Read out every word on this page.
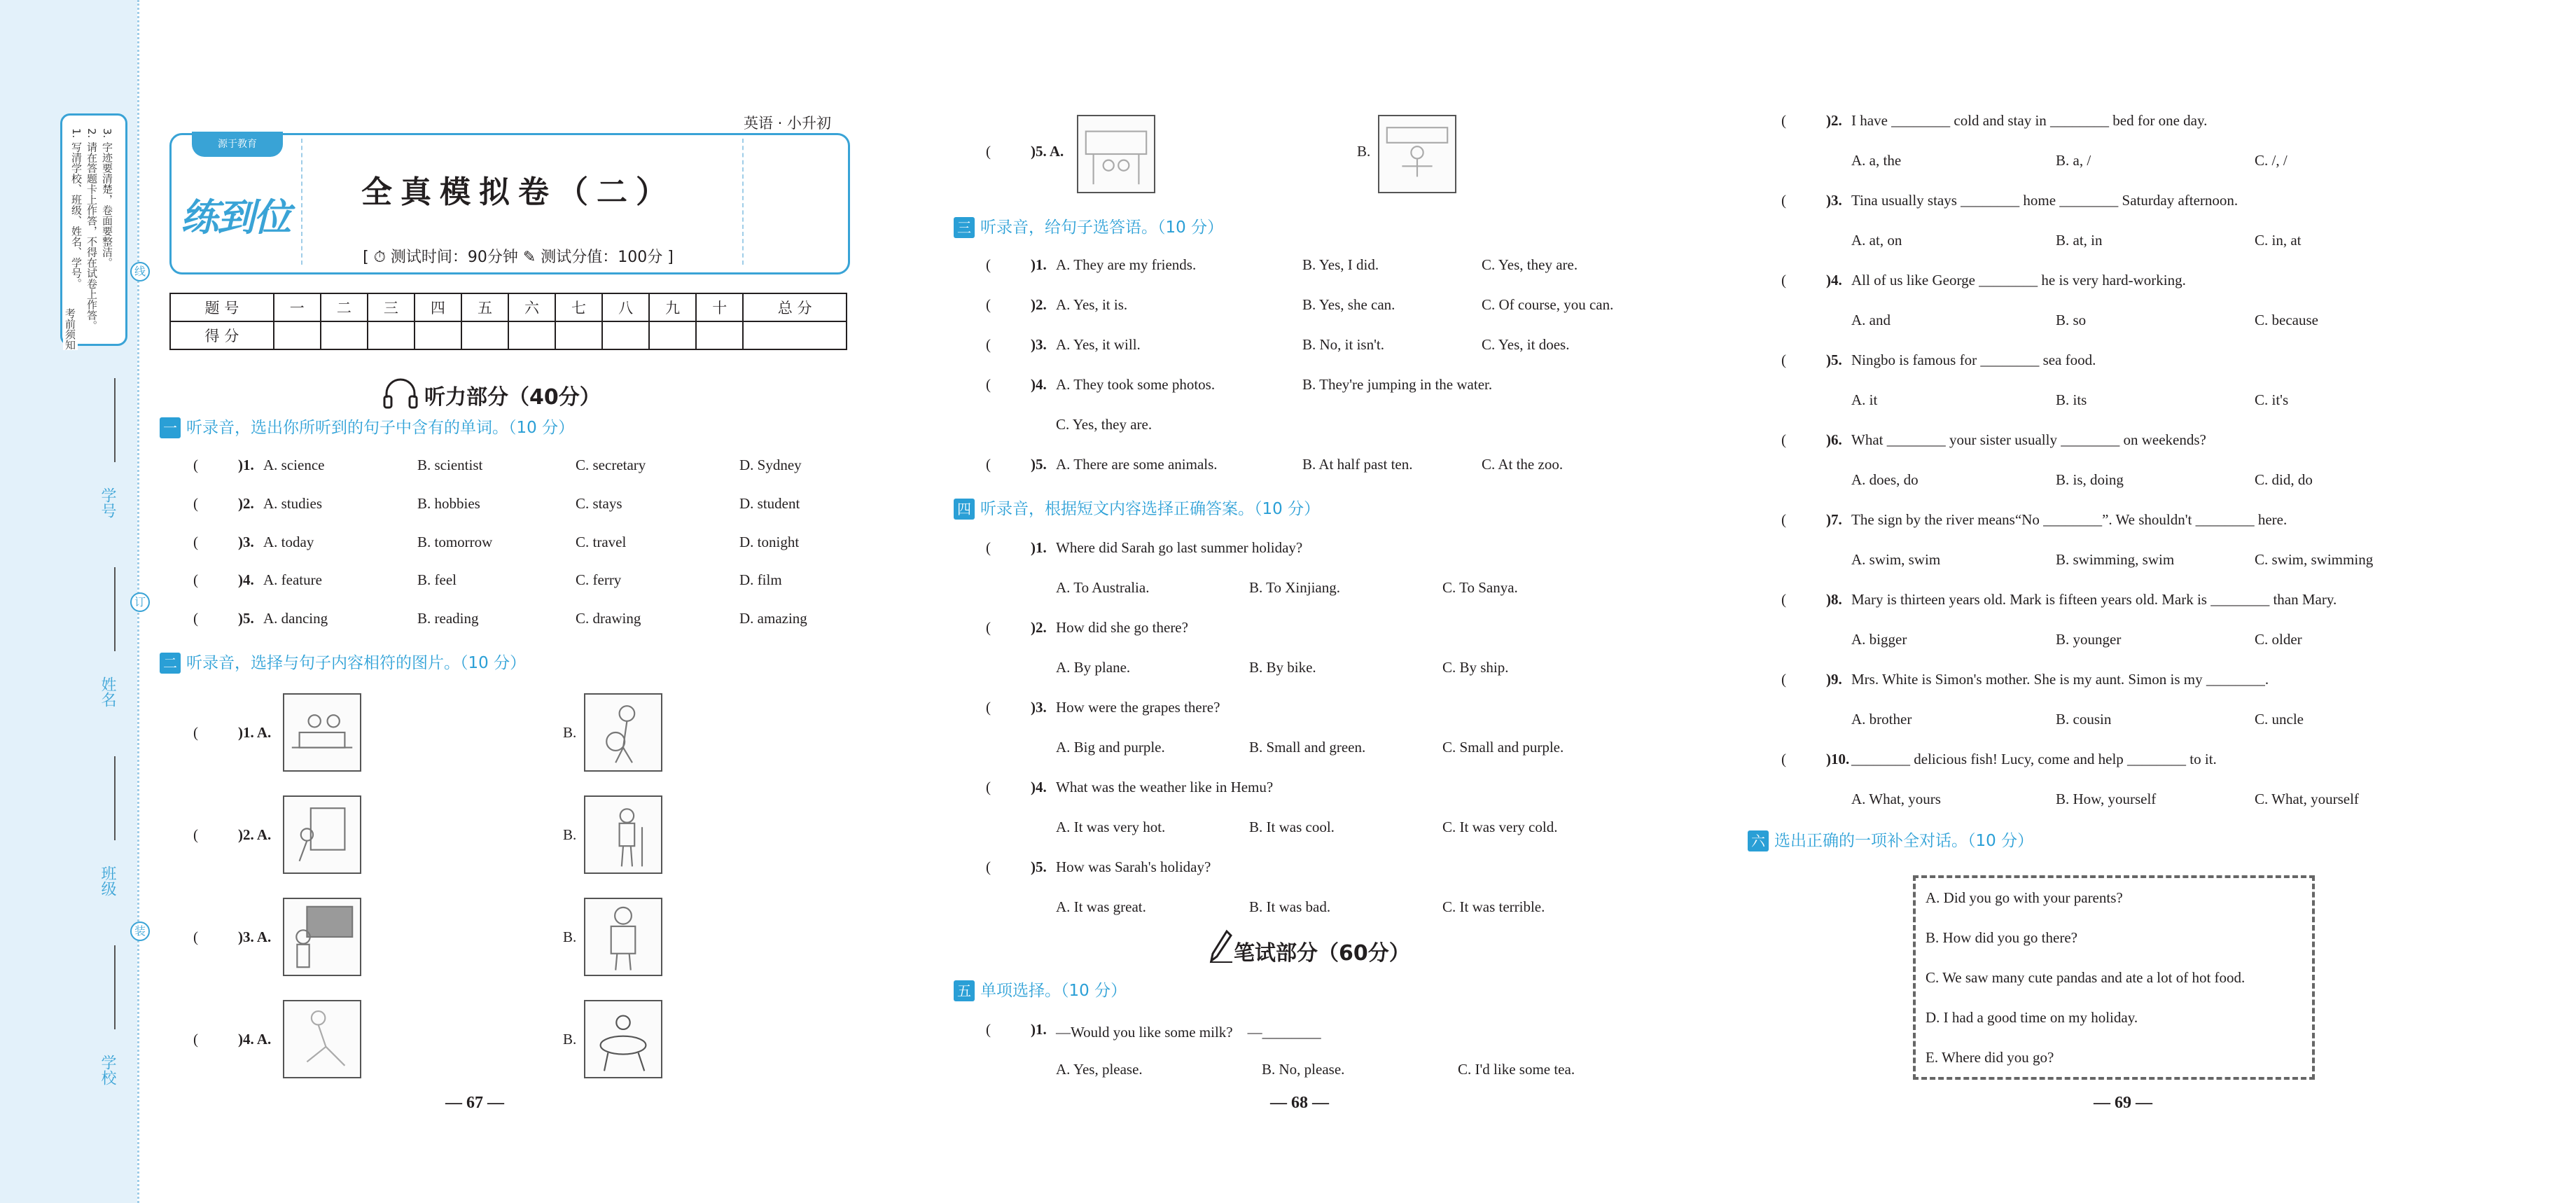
1. 写清学校、班级、姓名、学号。 2. 请在答题卡上作答，不得在试卷上作答。 3. 字迹要清楚，卷面要整洁。
考前须知
线
订
装
学号
姓名
班级
学校
英语 · 小升初
源于教育
练到位
全真模拟卷（二）
[ ⏱ 测试时间：90分钟 ✎ 测试分值：100分 ]
题 号	一	二	三	四	五	六	七	八	九	十	总 分
得 分											
听力部分（40分）
一 听录音，选出你所听到的句子中含有的单词。（10 分）
(	)1. A. science	B. scientist	C. secretary	D. Sydney
(	)2. A. studies	B. hobbies	C. stays	D. student
(	)3. A. today	B. tomorrow	C. travel	D. tonight
(	)4. A. feature	B. feel	C. ferry	D. film
(	)5. A. dancing	B. reading	C. drawing	D. amazing
二 听录音，选择与句子内容相符的图片。（10 分）
(	)1. A.	B.
(	)2. A.	B.
(	)3. A.	B.
(	)4. A.	B.
— 67 —
(	)5. A.	B.
三 听录音，给句子选答语。（10 分）
(	)1. A. They are my friends.	B. Yes, I did.	C. Yes, they are.
(	)2. A. Yes, it is.	B. Yes, she can.	C. Of course, you can.
(	)3. A. Yes, it will.	B. No, it isn't.	C. Yes, it does.
(	)4. A. They took some photos.	B. They're jumping in the water.
C. Yes, they are.
(	)5. A. There are some animals.	B. At half past ten.	C. At the zoo.
四 听录音，根据短文内容选择正确答案。（10 分）
(	)1. Where did Sarah go last summer holiday?
A. To Australia.	B. To Xinjiang.	C. To Sanya.
(	)2. How did she go there?
A. By plane.	B. By bike.	C. By ship.
(	)3. How were the grapes there?
A. Big and purple.	B. Small and green.	C. Small and purple.
(	)4. What was the weather like in Hemu?
A. It was very hot.	B. It was cool.	C. It was very cold.
(	)5. How was Sarah's holiday?
A. It was great.	B. It was bad.	C. It was terrible.
笔试部分（60分）
五 单项选择。（10 分）
(	)1. —Would you like some milk?　—________
A. Yes, please.	B. No, please.	C. I'd like some tea.
— 68 —
(	)2. I have ________ cold and stay in ________ bed for one day.
A. a, the	B. a, /	C. /, /
(	)3. Tina usually stays ________ home ________ Saturday afternoon.
A. at, on	B. at, in	C. in, at
(	)4. All of us like George ________ he is very hard-working.
A. and	B. so	C. because
(	)5. Ningbo is famous for ________ sea food.
A. it	B. its	C. it's
(	)6. What ________ your sister usually ________ on weekends?
A. does, do	B. is, doing	C. did, do
(	)7. The sign by the river means“No ________”. We shouldn't ________ here.
A. swim, swim	B. swimming, swim	C. swim, swimming
(	)8. Mary is thirteen years old. Mark is fifteen years old. Mark is ________ than Mary.
A. bigger	B. younger	C. older
(	)9. Mrs. White is Simon's mother. She is my aunt. Simon is my ________.
A. brother	B. cousin	C. uncle
(	)10. ________ delicious fish! Lucy, come and help ________ to it.
A. What, yours	B. How, yourself	C. What, yourself
六 选出正确的一项补全对话。（10 分）
A. Did you go with your parents?
B. How did you go there?
C. We saw many cute pandas and ate a lot of hot food.
D. I had a good time on my holiday.
E. Where did you go?
— 69 —
